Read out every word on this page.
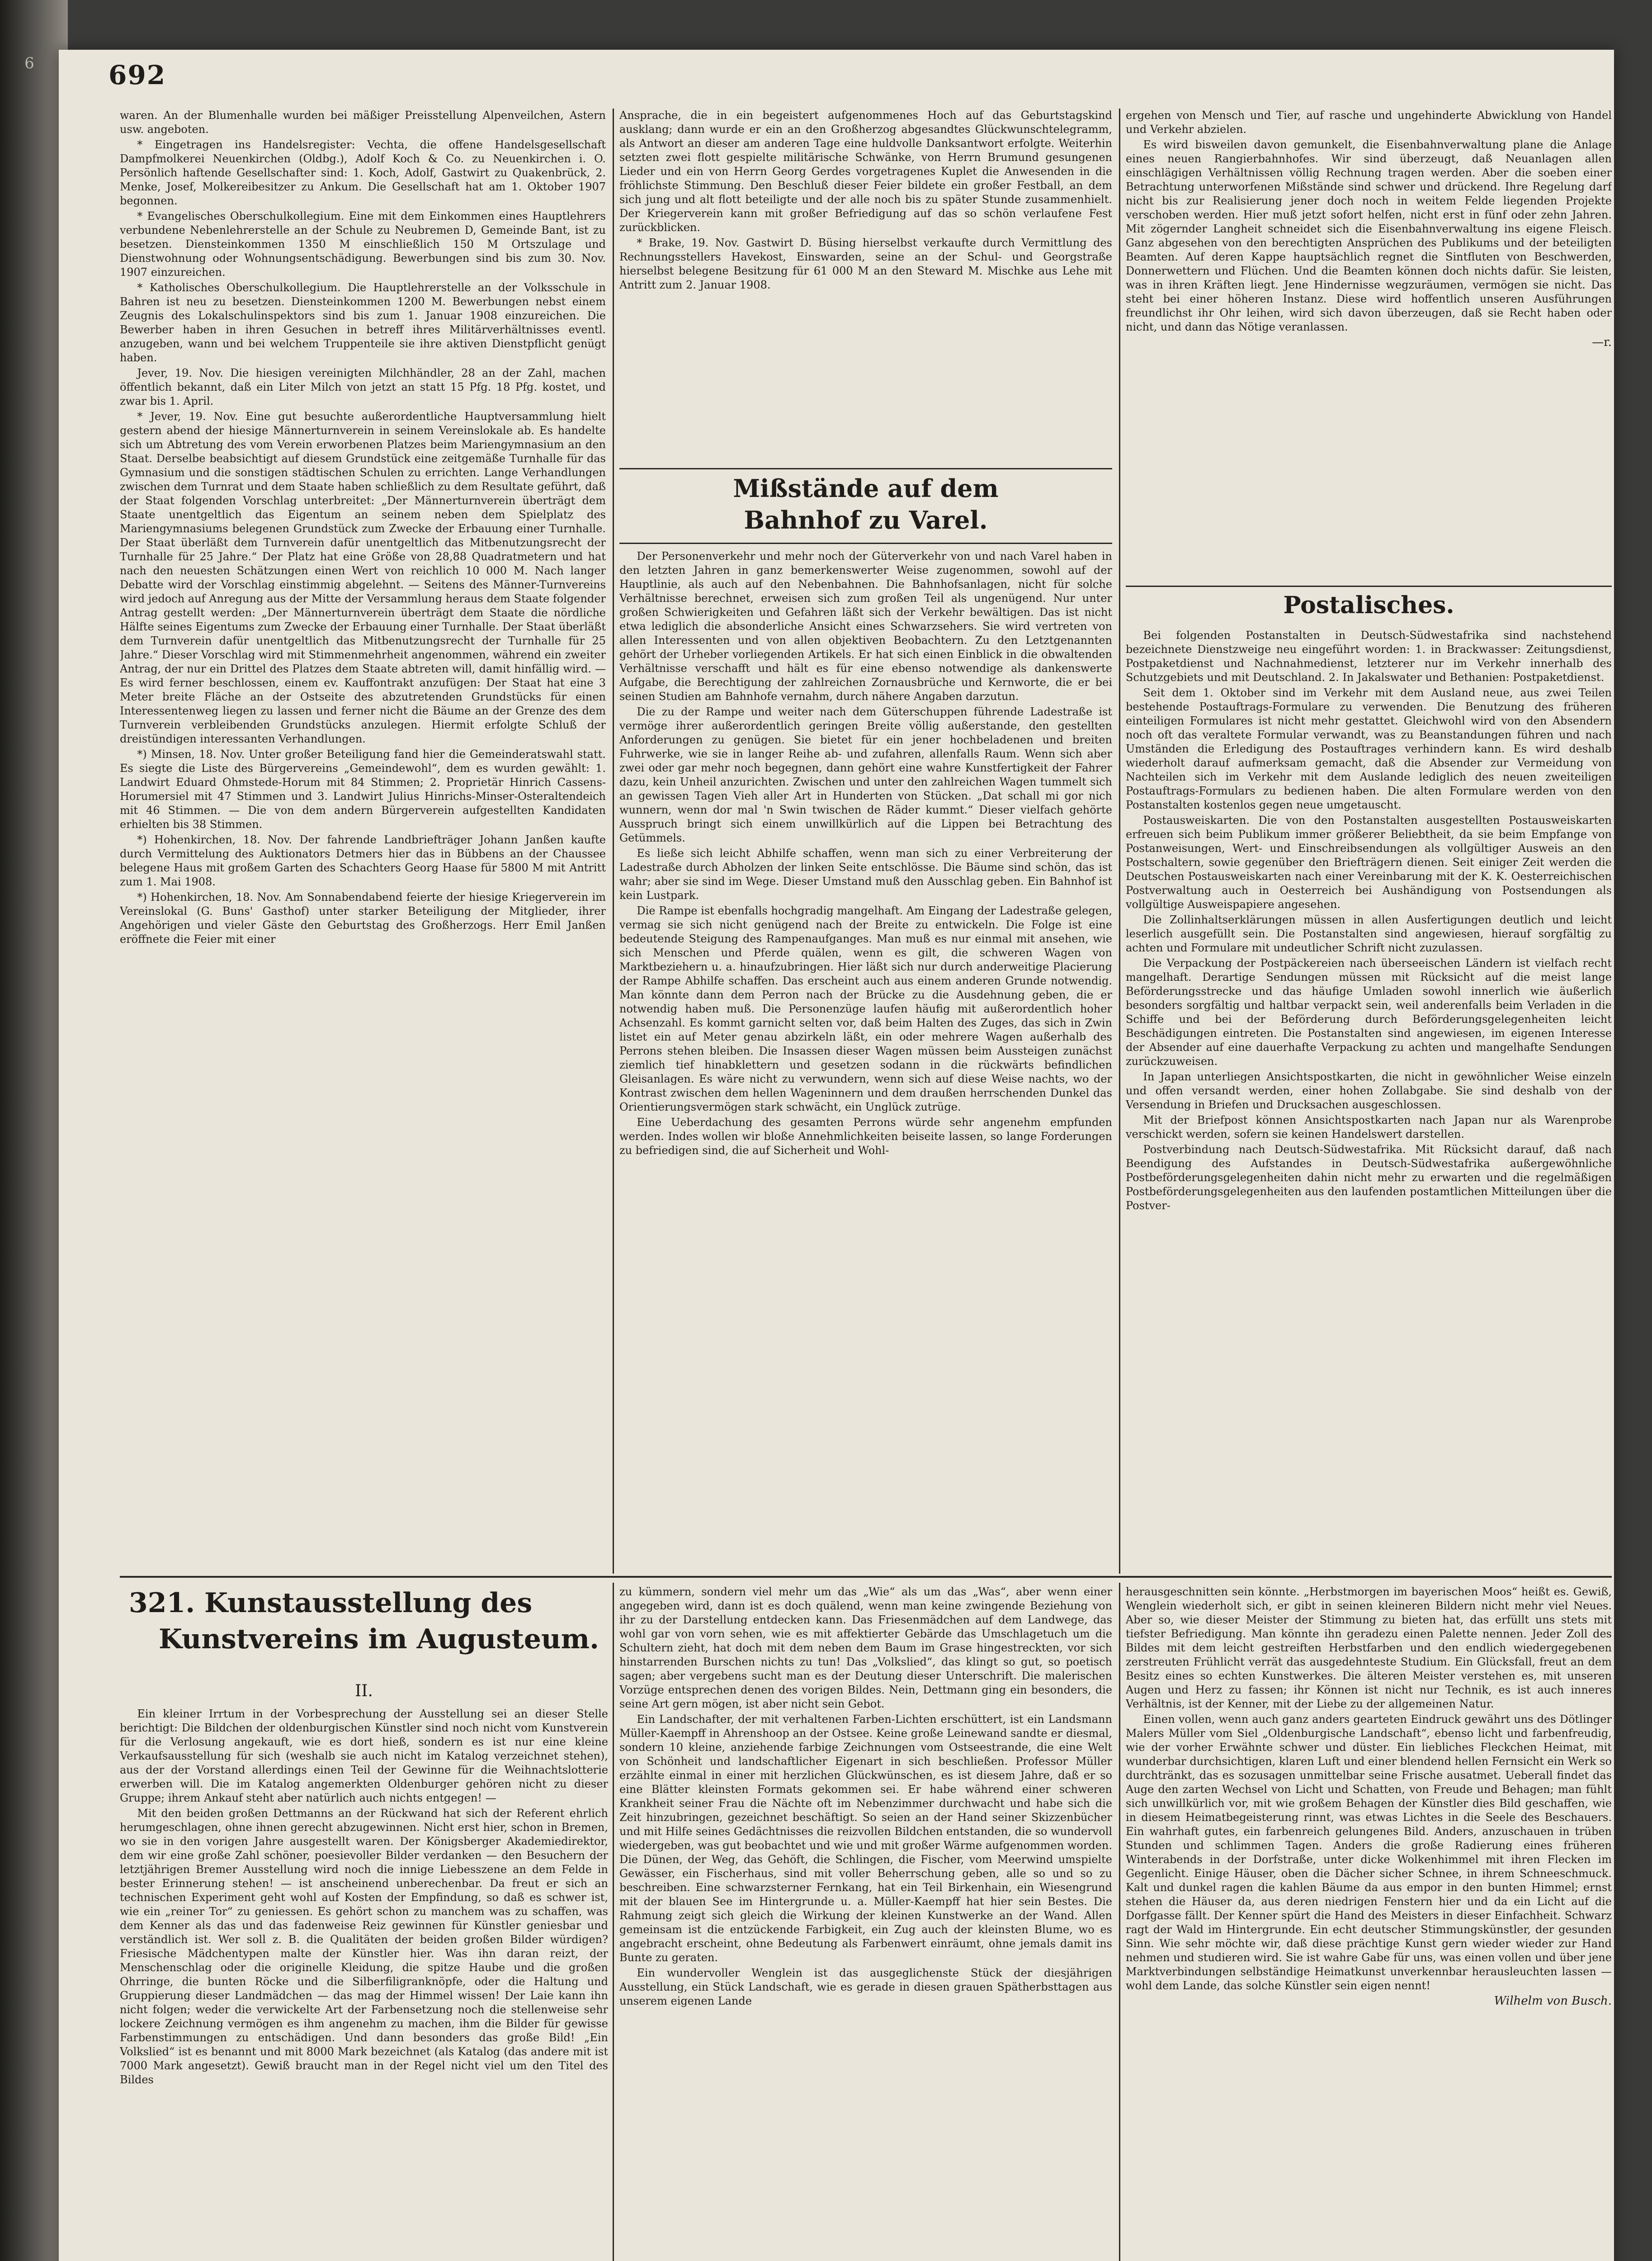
6	692

waren. An der Blumenhalle wurden bei mäßiger Preisstellung Alpenveilchen, Astern usw. angeboten.

* Eingetragen ins Handelsregister: Vechta, die offene Handelsgesellschaft Dampfmolkerei Neuenkirchen (Oldbg.), Adolf Koch & Co. zu Neuenkirchen i. O. Persönlich haftende Gesellschafter sind: 1. Koch, Adolf, Gastwirt zu Quakenbrück, 2. Menke, Josef, Molkereibesitzer zu Ankum. Die Gesellschaft hat am 1. Oktober 1907 begonnen.

* Evangelisches Oberschulkollegium. Eine mit dem Einkommen eines Hauptlehrers verbundene Nebenlehrerstelle an der Schule zu Neubremen D, Gemeinde Bant, ist zu besetzen. Diensteinkommen 1350 M einschließlich 150 M Ortszulage und Dienstwohnung oder Wohnungsentschädigung. Bewerbungen sind bis zum 30. Nov. 1907 einzureichen.

* Katholisches Oberschulkollegium. Die Hauptlehrerstelle an der Volksschule in Bahren ist neu zu besetzen. Diensteinkommen 1200 M. Bewerbungen nebst einem Zeugnis des Lokalschulinspektors sind bis zum 1. Januar 1908 einzureichen. Die Bewerber haben in ihren Gesuchen in betreff ihres Militärverhältnisses eventl. anzugeben, wann und bei welchem Truppenteile sie ihre aktiven Dienstpflicht genügt haben.

Jever, 19. Nov. Die hiesigen vereinigten Milchhändler, 28 an der Zahl, machen öffentlich bekannt, daß ein Liter Milch von jetzt an statt 15 Pfg. 18 Pfg. kostet, und zwar bis 1. April.

* Jever, 19. Nov. Eine gut besuchte außerordentliche Hauptversammlung hielt gestern abend der hiesige Männerturnverein in seinem Vereinslokale ab. Es handelte sich um Abtretung des vom Verein erworbenen Platzes beim Mariengymnasium an den Staat. Derselbe beabsichtigt auf diesem Grundstück eine zeitgemäße Turnhalle für das Gymnasium und die sonstigen städtischen Schulen zu errichten. Lange Verhandlungen zwischen dem Turnrat und dem Staate haben schließlich zu dem Resultate geführt, daß der Staat folgenden Vorschlag unterbreitet: „Der Männerturnverein überträgt dem Staate unentgeltlich das Eigentum an seinem neben dem Spielplatz des Mariengymnasiums belegenen Grundstück zum Zwecke der Erbauung einer Turnhalle. Der Staat überläßt dem Turnverein dafür unentgeltlich das Mitbenutzungsrecht der Turnhalle für 25 Jahre.“ Der Platz hat eine Größe von 28,88 Quadratmetern und hat nach den neuesten Schätzungen einen Wert von reichlich 10 000 M. Nach langer Debatte wird der Vorschlag einstimmig abgelehnt. — Seitens des Männer-Turnvereins wird jedoch auf Anregung aus der Mitte der Versammlung heraus dem Staate folgender Antrag gestellt werden: „Der Männerturnverein überträgt dem Staate die nördliche Hälfte seines Eigentums zum Zwecke der Erbauung einer Turnhalle. Der Staat überläßt dem Turnverein dafür unentgeltlich das Mitbenutzungsrecht der Turnhalle für 25 Jahre.“ Dieser Vorschlag wird mit Stimmenmehrheit angenommen, während ein zweiter Antrag, der nur ein Drittel des Platzes dem Staate abtreten will, damit hinfällig wird. — Es wird ferner beschlossen, einem ev. Kauffontrakt anzufügen: Der Staat hat eine 3 Meter breite Fläche an der Ostseite des abzutretenden Grundstücks für einen Interessentenweg liegen zu lassen und ferner nicht die Bäume an der Grenze des dem Turnverein verbleibenden Grundstücks anzulegen. Hiermit erfolgte Schluß der dreistündigen interessanten Verhandlungen.

*) Minsen, 18. Nov. Unter großer Beteiligung fand hier die Gemeinderatswahl statt. Es siegte die Liste des Bürgervereins „Gemeindewohl“, dem es wurden gewählt: 1. Landwirt Eduard Ohmstede-Horum mit 84 Stimmen; 2. Proprietär Hinrich Cassens-Horumersiel mit 47 Stimmen und 3. Landwirt Julius Hinrichs-Minser-Osteraltendeich mit 46 Stimmen. — Die von dem andern Bürgerverein aufgestellten Kandidaten erhielten bis 38 Stimmen.

*) Hohenkirchen, 18. Nov. Der fahrende Landbriefträger Johann Janßen kaufte durch Vermittelung des Auktionators Detmers hier das in Bübbens an der Chaussee belegene Haus mit großem Garten des Schachters Georg Haase für 5800 M mit Antritt zum 1. Mai 1908.

*) Hohenkirchen, 18. Nov. Am Sonnabendabend feierte der hiesige Kriegerverein im Vereinslokal (G. Buns' Gasthof) unter starker Beteiligung der Mitglieder, ihrer Angehörigen und vieler Gäste den Geburtstag des Großherzogs. Herr Emil Janßen eröffnete die Feier mit einer

Ansprache, die in ein begeistert aufgenommenes Hoch auf das Geburtstagskind ausklang; dann wurde er ein an den Großherzog abgesandtes Glückwunschtelegramm, als Antwort an dieser am anderen Tage eine huldvolle Danksantwort erfolgte. Weiterhin setzten zwei flott gespielte militärische Schwänke, von Herrn Brumund gesungenen Lieder und ein von Herrn Georg Gerdes vorgetragenes Kuplet die Anwesenden in die fröhlichste Stimmung. Den Beschluß dieser Feier bildete ein großer Festball, an dem sich jung und alt flott beteiligte und der alle noch bis zu später Stunde zusammenhielt. Der Kriegerverein kann mit großer Befriedigung auf das so schön verlaufene Fest zurückblicken.

* Brake, 19. Nov. Gastwirt D. Büsing hierselbst verkaufte durch Vermittlung des Rechnungsstellers Havekost, Einswarden, seine an der Schul- und Georgstraße hierselbst belegene Besitzung für 61 000 M an den Steward M. Mischke aus Lehe mit Antritt zum 2. Januar 1908.

Mißstände auf dem
Bahnhof zu Varel.

Der Personenverkehr und mehr noch der Güterverkehr von und nach Varel haben in den letzten Jahren in ganz bemerkenswerter Weise zugenommen, sowohl auf der Hauptlinie, als auch auf den Nebenbahnen. Die Bahnhofsanlagen, nicht für solche Verhältnisse berechnet, erweisen sich zum großen Teil als ungenügend. Nur unter großen Schwierigkeiten und Gefahren läßt sich der Verkehr bewältigen. Das ist nicht etwa lediglich die absonderliche Ansicht eines Schwarzsehers. Sie wird vertreten von allen Interessenten und von allen objektiven Beobachtern. Zu den Letztgenannten gehört der Urheber vorliegenden Artikels. Er hat sich einen Einblick in die obwaltenden Verhältnisse verschafft und hält es für eine ebenso notwendige als dankenswerte Aufgabe, die Berechtigung der zahlreichen Zornausbrüche und Kernworte, die er bei seinen Studien am Bahnhofe vernahm, durch nähere Angaben darzutun.

Die zu der Rampe und weiter nach dem Güterschuppen führende Ladestraße ist vermöge ihrer außerordentlich geringen Breite völlig außerstande, den gestellten Anforderungen zu genügen. Sie bietet für ein jener hochbeladenen und breiten Fuhrwerke, wie sie in langer Reihe ab- und zufahren, allenfalls Raum. Wenn sich aber zwei oder gar mehr noch begegnen, dann gehört eine wahre Kunstfertigkeit der Fahrer dazu, kein Unheil anzurichten. Zwischen und unter den zahlreichen Wagen tummelt sich an gewissen Tagen Vieh aller Art in Hunderten von Stücken. „Dat schall mi gor nich wunnern, wenn dor mal 'n Swin twischen de Räder kummt.“ Dieser vielfach gehörte Ausspruch bringt sich einem unwillkürlich auf die Lippen bei Betrachtung des Getümmels.

Es ließe sich leicht Abhilfe schaffen, wenn man sich zu einer Verbreiterung der Ladestraße durch Abholzen der linken Seite entschlösse. Die Bäume sind schön, das ist wahr; aber sie sind im Wege. Dieser Umstand muß den Ausschlag geben. Ein Bahnhof ist kein Lustpark.

Die Rampe ist ebenfalls hochgradig mangelhaft. Am Eingang der Ladestraße gelegen, vermag sie sich nicht genügend nach der Breite zu entwickeln. Die Folge ist eine bedeutende Steigung des Rampenaufganges. Man muß es nur einmal mit ansehen, wie sich Menschen und Pferde quälen, wenn es gilt, die schweren Wagen von Marktbeziehern u. a. hinaufzubringen. Hier läßt sich nur durch anderweitige Placierung der Rampe Abhilfe schaffen. Das erscheint auch aus einem anderen Grunde notwendig. Man könnte dann dem Perron nach der Brücke zu die Ausdehnung geben, die er notwendig haben muß. Die Personenzüge laufen häufig mit außerordentlich hoher Achsenzahl. Es kommt garnicht selten vor, daß beim Halten des Zuges, das sich in Zwin listet ein auf Meter genau abzirkeln läßt, ein oder mehrere Wagen außerhalb des Perrons stehen bleiben. Die Insassen dieser Wagen müssen beim Aussteigen zunächst ziemlich tief hinabklettern und gesetzen sodann in die rückwärts befindlichen Gleisanlagen. Es wäre nicht zu verwundern, wenn sich auf diese Weise nachts, wo der Kontrast zwischen dem hellen Wageninnern und dem draußen herrschenden Dunkel das Orientierungsvermögen stark schwächt, ein Unglück zutrüge.

Eine Ueberdachung des gesamten Perrons würde sehr angenehm empfunden werden. Indes wollen wir bloße Annehmlichkeiten beiseite lassen, so lange Forderungen zu befriedigen sind, die auf Sicherheit und Wohl-

ergehen von Mensch und Tier, auf rasche und ungehinderte Abwicklung von Handel und Verkehr abzielen.

Es wird bisweilen davon gemunkelt, die Eisenbahnverwaltung plane die Anlage eines neuen Rangierbahnhofes. Wir sind überzeugt, daß Neuanlagen allen einschlägigen Verhältnissen völlig Rechnung tragen werden. Aber die soeben einer Betrachtung unterworfenen Mißstände sind schwer und drückend. Ihre Regelung darf nicht bis zur Realisierung jener doch noch in weitem Felde liegenden Projekte verschoben werden. Hier muß jetzt sofort helfen, nicht erst in fünf oder zehn Jahren. Mit zögernder Langheit schneidet sich die Eisenbahnverwaltung ins eigene Fleisch. Ganz abgesehen von den berechtigten Ansprüchen des Publikums und der beteiligten Beamten. Auf deren Kappe hauptsächlich regnet die Sintfluten von Beschwerden, Donnerwettern und Flüchen. Und die Beamten können doch nichts dafür. Sie leisten, was in ihren Kräften liegt. Jene Hindernisse wegzuräumen, vermögen sie nicht. Das steht bei einer höheren Instanz. Diese wird hoffentlich unseren Ausführungen freundlichst ihr Ohr leihen, wird sich davon überzeugen, daß sie Recht haben oder nicht, und dann das Nötige veranlassen.

—r.
Postalisches.

Bei folgenden Postanstalten in Deutsch-Südwestafrika sind nachstehend bezeichnete Dienstzweige neu eingeführt worden: 1. in Brackwasser: Zeitungsdienst, Postpaketdienst und Nachnahmedienst, letzterer nur im Verkehr innerhalb des Schutzgebiets und mit Deutschland. 2. In Jakalswater und Bethanien: Postpaketdienst.

Seit dem 1. Oktober sind im Verkehr mit dem Ausland neue, aus zwei Teilen bestehende Postauftrags-Formulare zu verwenden. Die Benutzung des früheren einteiligen Formulares ist nicht mehr gestattet. Gleichwohl wird von den Absendern noch oft das veraltete Formular verwandt, was zu Beanstandungen führen und nach Umständen die Erledigung des Postauftrages verhindern kann. Es wird deshalb wiederholt darauf aufmerksam gemacht, daß die Absender zur Vermeidung von Nachteilen sich im Verkehr mit dem Auslande lediglich des neuen zweiteiligen Postauftrags-Formulars zu bedienen haben. Die alten Formulare werden von den Postanstalten kostenlos gegen neue umgetauscht.

Postausweiskarten. Die von den Postanstalten ausgestellten Postausweiskarten erfreuen sich beim Publikum immer größerer Beliebtheit, da sie beim Empfange von Postanweisungen, Wert- und Einschreibsendungen als vollgültiger Ausweis an den Postschaltern, sowie gegenüber den Briefträgern dienen. Seit einiger Zeit werden die Deutschen Postausweiskarten nach einer Vereinbarung mit der K. K. Oesterreichischen Postverwaltung auch in Oesterreich bei Aushändigung von Postsendungen als vollgültige Ausweispapiere angesehen.

Die Zollinhaltserklärungen müssen in allen Ausfertigungen deutlich und leicht leserlich ausgefüllt sein. Die Postanstalten sind angewiesen, hierauf sorgfältig zu achten und Formulare mit undeutlicher Schrift nicht zuzulassen.

Die Verpackung der Postpäckereien nach überseeischen Ländern ist vielfach recht mangelhaft. Derartige Sendungen müssen mit Rücksicht auf die meist lange Beförderungsstrecke und das häufige Umladen sowohl innerlich wie äußerlich besonders sorgfältig und haltbar verpackt sein, weil anderenfalls beim Verladen in die Schiffe und bei der Beförderung durch Beförderungsgelegenheiten leicht Beschädigungen eintreten. Die Postanstalten sind angewiesen, im eigenen Interesse der Absender auf eine dauerhafte Verpackung zu achten und mangelhafte Sendungen zurückzuweisen.

In Japan unterliegen Ansichtspostkarten, die nicht in gewöhnlicher Weise einzeln und offen versandt werden, einer hohen Zollabgabe. Sie sind deshalb von der Versendung in Briefen und Drucksachen ausgeschlossen.

Mit der Briefpost können Ansichtspostkarten nach Japan nur als Warenprobe verschickt werden, sofern sie keinen Handelswert darstellen.

Postverbindung nach Deutsch-Südwestafrika. Mit Rücksicht darauf, daß nach Beendigung des Aufstandes in Deutsch-Südwestafrika außergewöhnliche Postbeförderungsgelegenheiten dahin nicht mehr zu erwarten und die regelmäßigen Postbeförderungsgelegenheiten aus den laufenden postamtlichen Mitteilungen über die Postver-

321. Kunstausstellung des
Kunstvereins im Augusteum.
II.

Ein kleiner Irrtum in der Vorbesprechung der Ausstellung sei an dieser Stelle berichtigt: Die Bildchen der oldenburgischen Künstler sind noch nicht vom Kunstverein für die Verlosung angekauft, wie es dort hieß, sondern es ist nur eine kleine Verkaufsausstellung für sich (weshalb sie auch nicht im Katalog verzeichnet stehen), aus der der Vorstand allerdings einen Teil der Gewinne für die Weihnachtslotterie erwerben will. Die im Katalog angemerkten Oldenburger gehören nicht zu dieser Gruppe; ihrem Ankauf steht aber natürlich auch nichts entgegen! —

Mit den beiden großen Dettmanns an der Rückwand hat sich der Referent ehrlich herumgeschlagen, ohne ihnen gerecht abzugewinnen. Nicht erst hier, schon in Bremen, wo sie in den vorigen Jahre ausgestellt waren. Der Königsberger Akademiedirektor, dem wir eine große Zahl schöner, poesievoller Bilder verdanken — den Besuchern der letztjährigen Bremer Ausstellung wird noch die innige Liebesszene an dem Felde in bester Erinnerung stehen! — ist anscheinend unberechenbar. Da freut er sich an technischen Experiment geht wohl auf Kosten der Empfindung, so daß es schwer ist, wie ein „reiner Tor“ zu geniessen. Es gehört schon zu manchem was zu schaffen, was dem Kenner als das und das fadenweise Reiz gewinnen für Künstler geniesbar und verständlich ist. Wer soll z. B. die Qualitäten der beiden großen Bilder würdigen? Friesische Mädchentypen malte der Künstler hier. Was ihn daran reizt, der Menschenschlag oder die originelle Kleidung, die spitze Haube und die großen Ohrringe, die bunten Röcke und die Silberfiligranknöpfe, oder die Haltung und Gruppierung dieser Landmädchen — das mag der Himmel wissen! Der Laie kann ihn nicht folgen; weder die verwickelte Art der Farbensetzung noch die stellenweise sehr lockere Zeichnung vermögen es ihm angenehm zu machen, ihm die Bilder für gewisse Farbenstimmungen zu entschädigen. Und dann besonders das große Bild! „Ein Volkslied“ ist es benannt und mit 8000 Mark bezeichnet (als Katalog (das andere mit ist 7000 Mark angesetzt). Gewiß braucht man in der Regel nicht viel um den Titel des Bildes

zu kümmern, sondern viel mehr um das „Wie“ als um das „Was“, aber wenn einer angegeben wird, dann ist es doch quälend, wenn man keine zwingende Beziehung von ihr zu der Darstellung entdecken kann. Das Friesenmädchen auf dem Landwege, das wohl gar von vorn sehen, wie es mit affektierter Gebärde das Umschlagetuch um die Schultern zieht, hat doch mit dem neben dem Baum im Grase hingestreckten, vor sich hinstarrenden Burschen nichts zu tun! Das „Volkslied“, das klingt so gut, so poetisch sagen; aber vergebens sucht man es der Deutung dieser Unterschrift. Die malerischen Vorzüge entsprechen denen des vorigen Bildes. Nein, Dettmann ging ein besonders, die seine Art gern mögen, ist aber nicht sein Gebot.

Ein Landschafter, der mit verhaltenen Farben-Lichten erschüttert, ist ein Landsmann Müller-Kaempff in Ahrenshoop an der Ostsee. Keine große Leinewand sandte er diesmal, sondern 10 kleine, anziehende farbige Zeichnungen vom Ostseestrande, die eine Welt von Schönheit und landschaftlicher Eigenart in sich beschließen. Professor Müller erzählte einmal in einer mit herzlichen Glückwünschen, es ist diesem Jahre, daß er so eine Blätter kleinsten Formats gekommen sei. Er habe während einer schweren Krankheit seiner Frau die Nächte oft im Nebenzimmer durchwacht und habe sich die Zeit hinzubringen, gezeichnet beschäftigt. So seien an der Hand seiner Skizzenbücher und mit Hilfe seines Gedächtnisses die reizvollen Bildchen entstanden, die so wundervoll wiedergeben, was gut beobachtet und wie und mit großer Wärme aufgenommen worden. Die Dünen, der Weg, das Gehöft, die Schlingen, die Fischer, vom Meerwind umspielte Gewässer, ein Fischerhaus, sind mit voller Beherrschung geben, alle so und so zu beschreiben. Eine schwarzsterner Fernkang, hat ein Teil Birkenhain, ein Wiesengrund mit der blauen See im Hintergrunde u. a. Müller-Kaempff hat hier sein Bestes. Die Rahmung zeigt sich gleich die Wirkung der kleinen Kunstwerke an der Wand. Allen gemeinsam ist die entzückende Farbigkeit, ein Zug auch der kleinsten Blume, wo es angebracht erscheint, ohne Bedeutung als Farbenwert einräumt, ohne jemals damit ins Bunte zu geraten.

Ein wundervoller Wenglein ist das ausgeglichenste Stück der diesjährigen Ausstellung, ein Stück Landschaft, wie es gerade in diesen grauen Spätherbsttagen aus unserem eigenen Lande

herausgeschnitten sein könnte. „Herbstmorgen im bayerischen Moos“ heißt es. Gewiß, Wenglein wiederholt sich, er gibt in seinen kleineren Bildern nicht mehr viel Neues. Aber so, wie dieser Meister der Stimmung zu bieten hat, das erfüllt uns stets mit tiefster Befriedigung. Man könnte ihn geradezu einen Palette nennen. Jeder Zoll des Bildes mit dem leicht gestreiften Herbstfarben und den endlich wiedergegebenen zerstreuten Frühlicht verrät das ausgedehnteste Studium. Ein Glücksfall, freut an dem Besitz eines so echten Kunstwerkes. Die älteren Meister verstehen es, mit unseren Augen und Herz zu fassen; ihr Können ist nicht nur Technik, es ist auch inneres Verhältnis, ist der Kenner, mit der Liebe zu der allgemeinen Natur.

Einen vollen, wenn auch ganz anders gearteten Eindruck gewährt uns des Dötlinger Malers Müller vom Siel „Oldenburgische Landschaft“, ebenso licht und farbenfreudig, wie der vorher Erwähnte schwer und düster. Ein liebliches Fleckchen Heimat, mit wunderbar durchsichtigen, klaren Luft und einer blendend hellen Fernsicht ein Werk so durchtränkt, das es sozusagen unmittelbar seine Frische ausatmet. Ueberall findet das Auge den zarten Wechsel von Licht und Schatten, von Freude und Behagen; man fühlt sich unwillkürlich vor, mit wie großem Behagen der Künstler dies Bild geschaffen, wie in diesem Heimatbegeisterung rinnt, was etwas Lichtes in die Seele des Beschauers. Ein wahrhaft gutes, ein farbenreich gelungenes Bild. Anders, anzuschauen in trüben Stunden und schlimmen Tagen. Anders die große Radierung eines früheren Winterabends in der Dorfstraße, unter dicke Wolkenhimmel mit ihren Flecken im Gegenlicht. Einige Häuser, oben die Dächer sicher Schnee, in ihrem Schneeschmuck. Kalt und dunkel ragen die kahlen Bäume da aus empor in den bunten Himmel; ernst stehen die Häuser da, aus deren niedrigen Fenstern hier und da ein Licht auf die Dorfgasse fällt. Der Kenner spürt die Hand des Meisters in dieser Einfachheit. Schwarz ragt der Wald im Hintergrunde. Ein echt deutscher Stimmungskünstler, der gesunden Sinn. Wie sehr möchte wir, daß diese prächtige Kunst gern wieder wieder zur Hand nehmen und studieren wird. Sie ist wahre Gabe für uns, was einen vollen und über jene Marktverbindungen selbständige Heimatkunst unverkennbar herausleuchten lassen — wohl dem Lande, das solche Künstler sein eigen nennt!

Wilhelm von Busch.
